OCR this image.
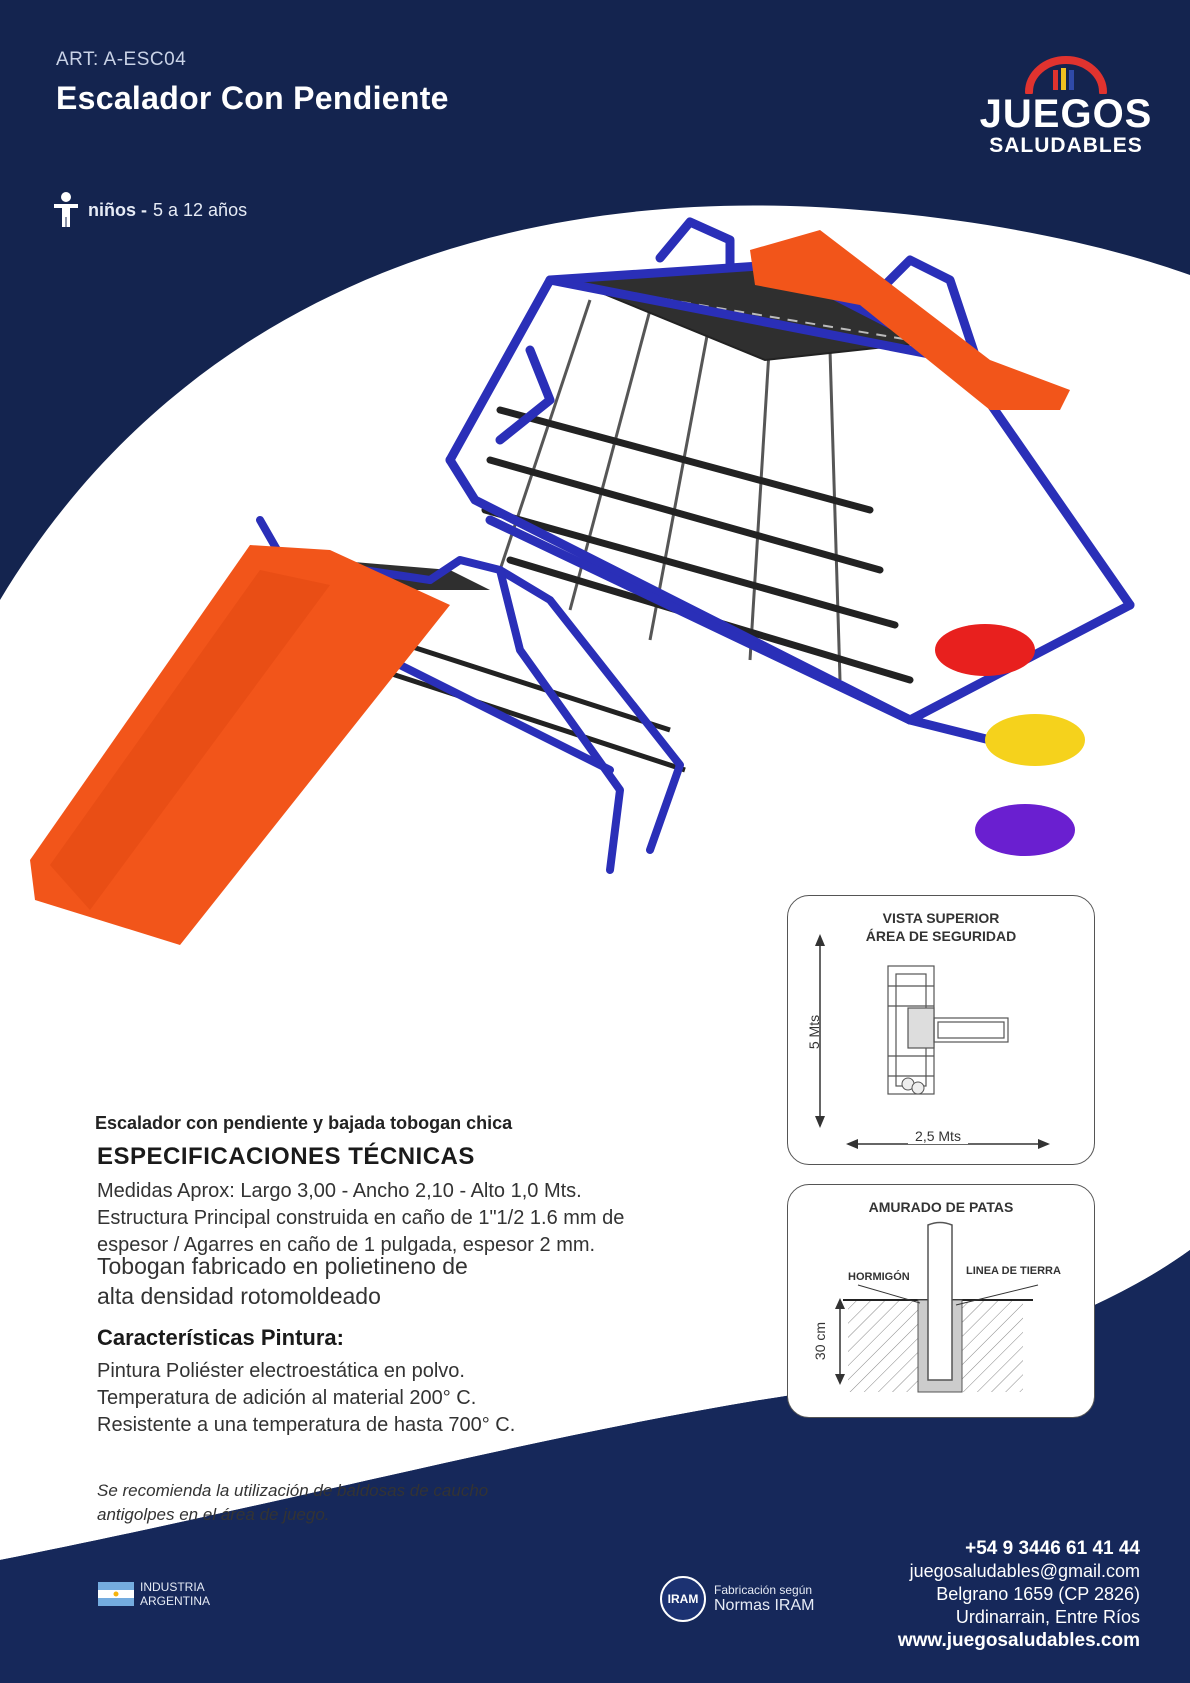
ART: A-ESC04
Escalador Con Pendiente
niños - 5 a 12 años
JUEGOS
SALUDABLES
Escalador con pendiente y bajada tobogan chica
ESPECIFICACIONES TÉCNICAS
Medidas Aprox: Largo 3,00 - Ancho 2,10 - Alto 1,0 Mts.
Estructura Principal construida en caño de 1"1/2 1.6 mm de
espesor / Agarres en caño de 1 pulgada, espesor 2 mm.
Tobogan fabricado en polietineno de
alta densidad rotomoldeado
Características Pintura:
Pintura Poliéster electroestática en polvo.
Temperatura de adición al material 200° C.
Resistente a una temperatura de hasta 700° C.
Se recomienda la utilización de baldosas de caucho
antigolpes en el área de juego.
VISTA SUPERIOR
ÁREA DE SEGURIDAD
5 Mts
2,5 Mts
AMURADO DE PATAS
HORMIGÓN	LINEA DE TIERRA
30 cm
+54 9 3446 61 41 44
juegosaludables@gmail.com
Belgrano 1659 (CP 2826)
Urdinarrain, Entre Ríos
www.juegosaludables.com
INDUSTRIA
ARGENTINA	IRAM
Fabricación según
Normas IRAM
